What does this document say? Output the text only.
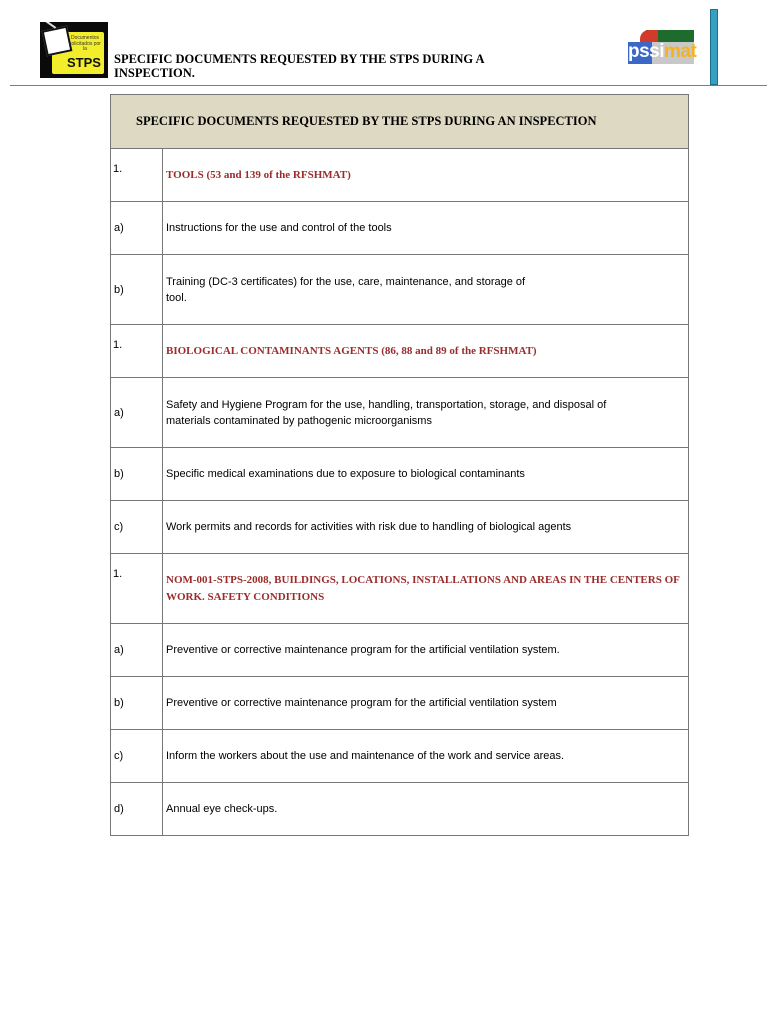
Documentos solicitados por la
STPS SPECIFIC DOCUMENTS REQUESTED BY THE STPS DURING A
INSPECTION.
pssimat
SPECIFIC DOCUMENTS REQUESTED BY THE STPS DURING AN INSPECTION	
1.	TOOLS (53 and 139 of the RFSHMAT)
a)	Instructions for the use and control of the tools
b)	Training (DC-3 certificates) for the use, care, maintenance, and storage of tool.
1.	BIOLOGICAL CONTAMINANTS AGENTS (86, 88 and 89 of the RFSHMAT)
a)	Safety and Hygiene Program for the use, handling, transportation, storage, and disposal of materials contaminated by pathogenic microorganisms
b)	Specific medical examinations due to exposure to biological contaminants
c)	Work permits and records for activities with risk due to handling of biological agents
1.	NOM-001-STPS-2008, BUILDINGS, LOCATIONS, INSTALLATIONS AND AREAS IN THE CENTERS OF WORK. SAFETY CONDITIONS
a)	Preventive or corrective maintenance program for the artificial ventilation system.
b)	Preventive or corrective maintenance program for the artificial ventilation system
c)	Inform the workers about the use and maintenance of the work and service areas.
d)	Annual eye check-ups.
